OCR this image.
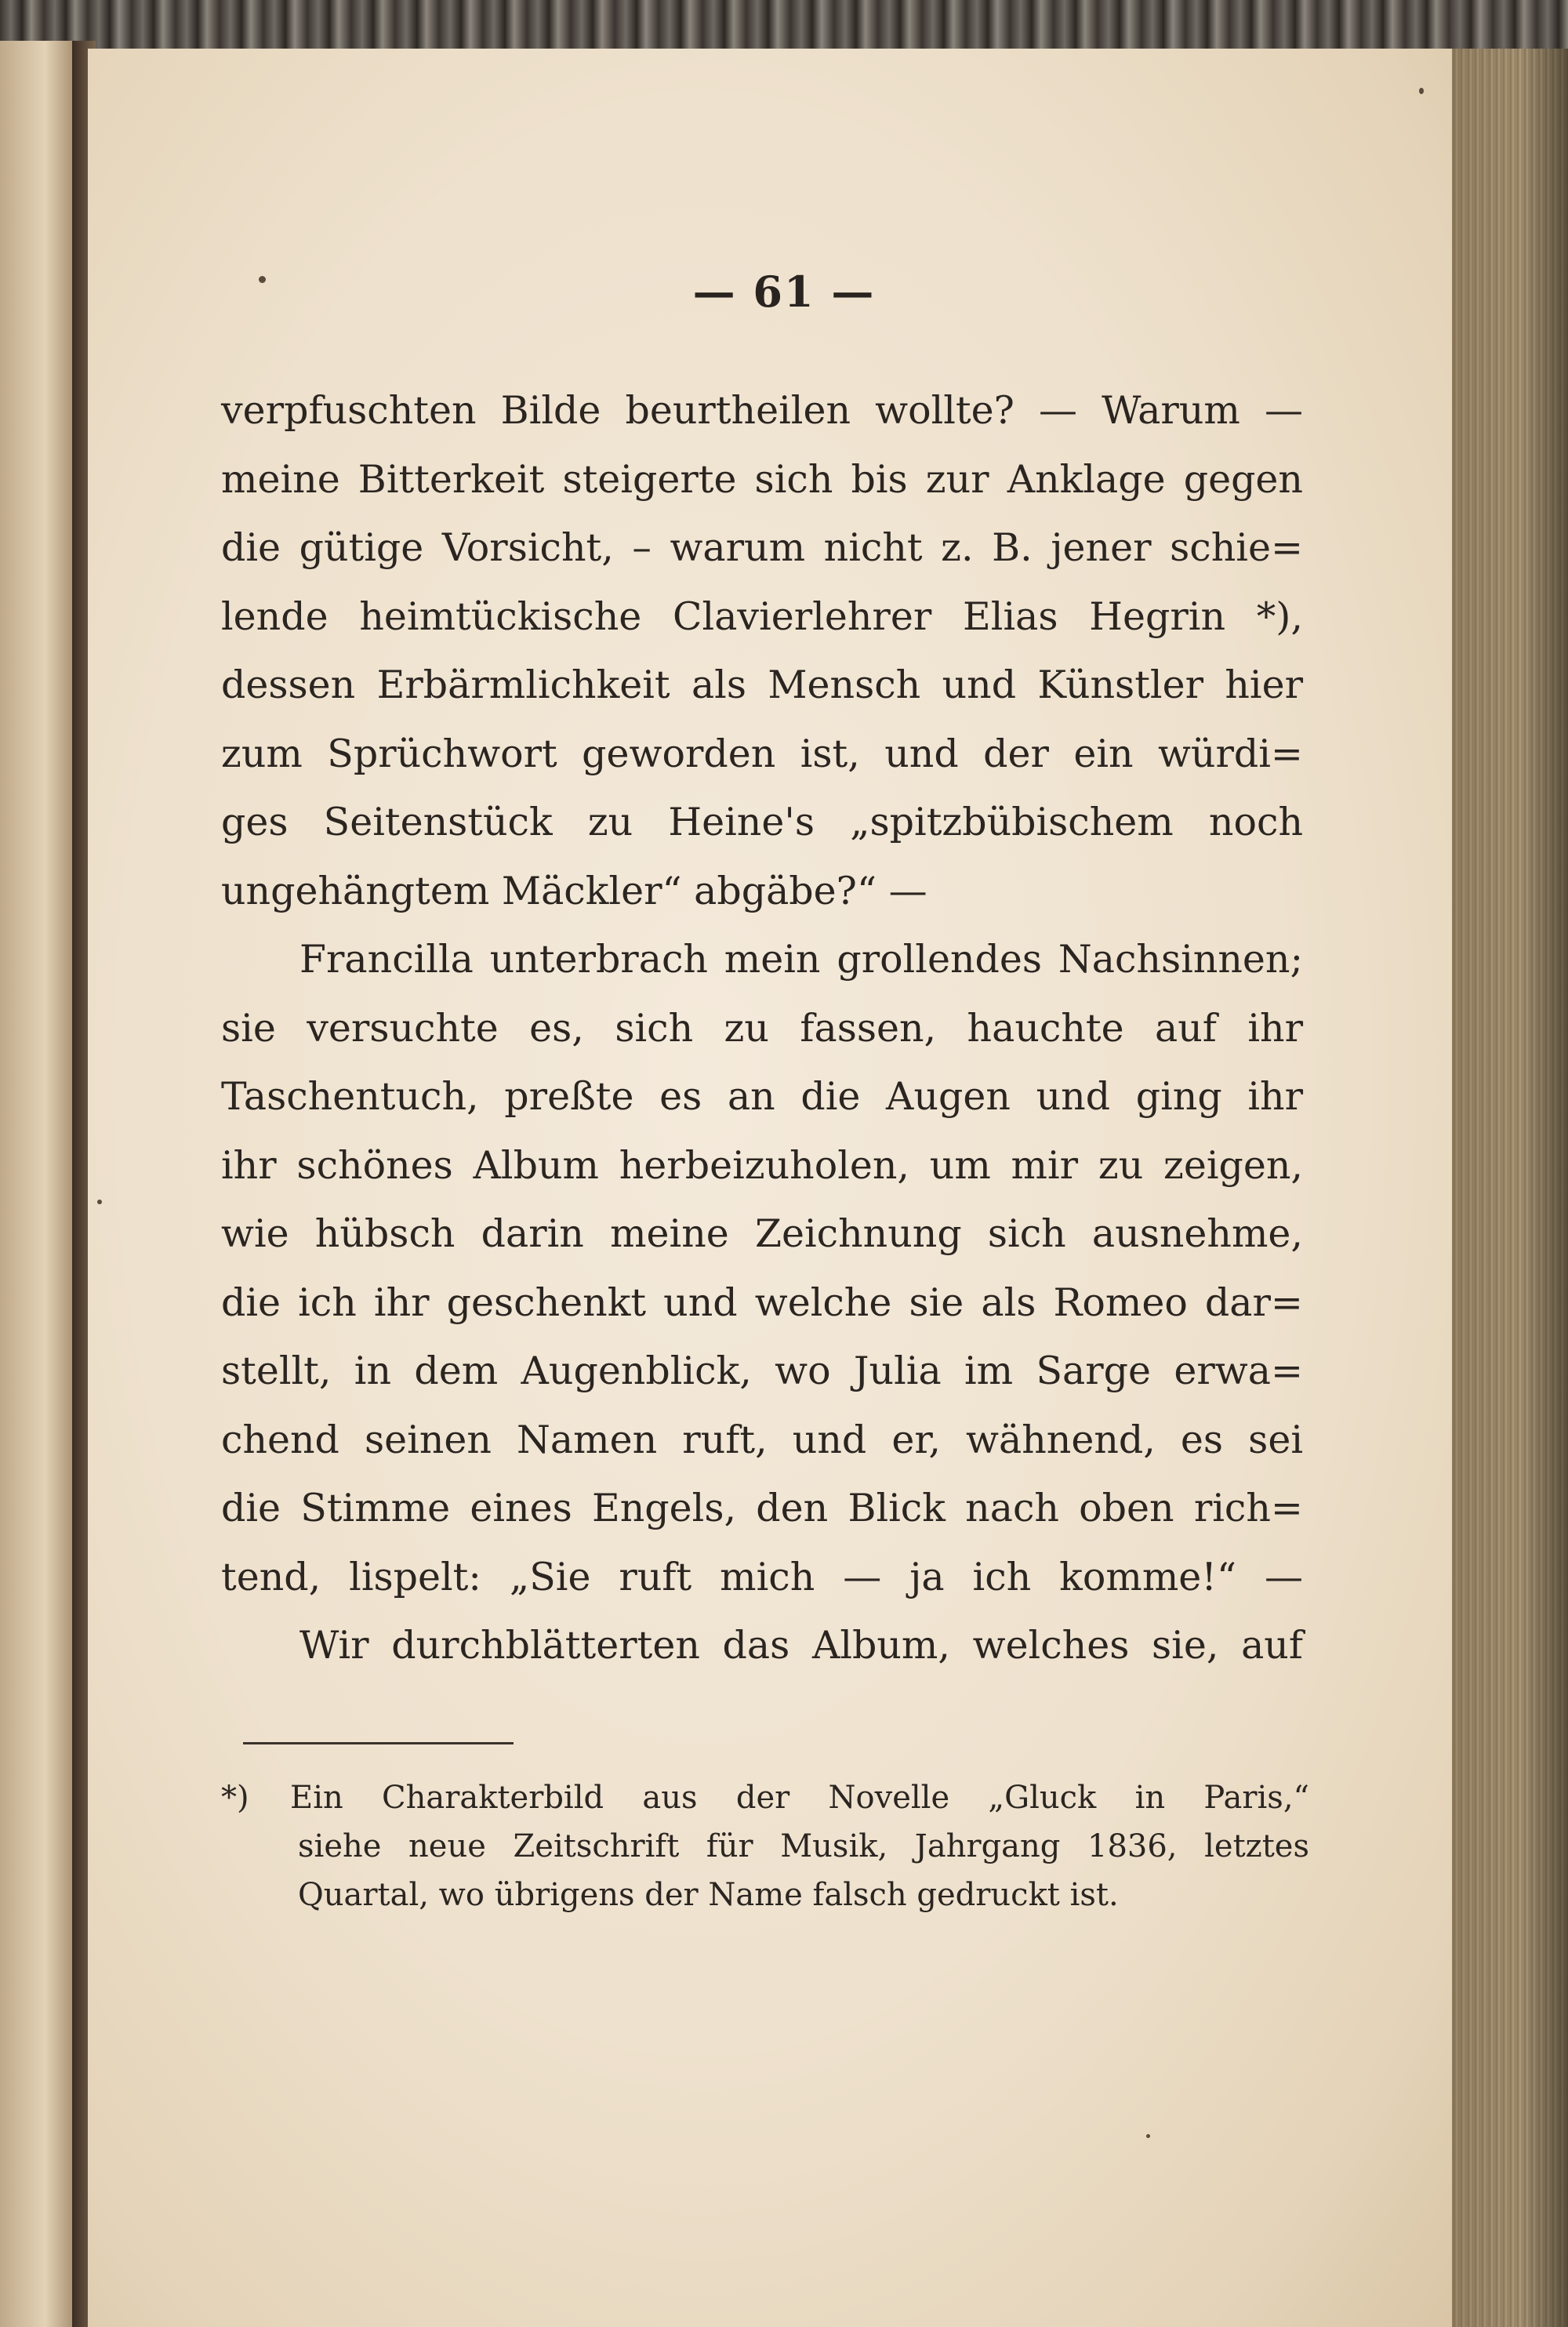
— 61 —
verpfuschten Bilde beurtheilen wollte? — Warum —
meine Bitterkeit steigerte sich bis zur Anklage gegen
die gütige Vorsicht, – warum nicht z. B. jener schie=
lende heimtückische Clavierlehrer Elias Hegrin *),
dessen Erbärmlichkeit als Mensch und Künstler hier
zum Sprüchwort geworden ist, und der ein würdi=
ges Seitenstück zu Heine's „spitzbübischem noch
ungehängtem Mäckler“ abgäbe?“ —
Francilla unterbrach mein grollendes Nachsinnen;
sie versuchte es, sich zu fassen, hauchte auf ihr
Taschentuch, preßte es an die Augen und ging ihr
ihr schönes Album herbeizuholen, um mir zu zeigen,
wie hübsch darin meine Zeichnung sich ausnehme,
die ich ihr geschenkt und welche sie als Romeo dar=
stellt, in dem Augenblick, wo Julia im Sarge erwa=
chend seinen Namen ruft, und er, wähnend, es sei
die Stimme eines Engels, den Blick nach oben rich=
tend, lispelt: „Sie ruft mich — ja ich komme!“ —
Wir durchblätterten das Album, welches sie, auf
*) Ein Charakterbild aus der Novelle „Gluck in Paris,“
siehe neue Zeitschrift für Musik, Jahrgang 1836, letztes
Quartal, wo übrigens der Name falsch gedruckt ist.
